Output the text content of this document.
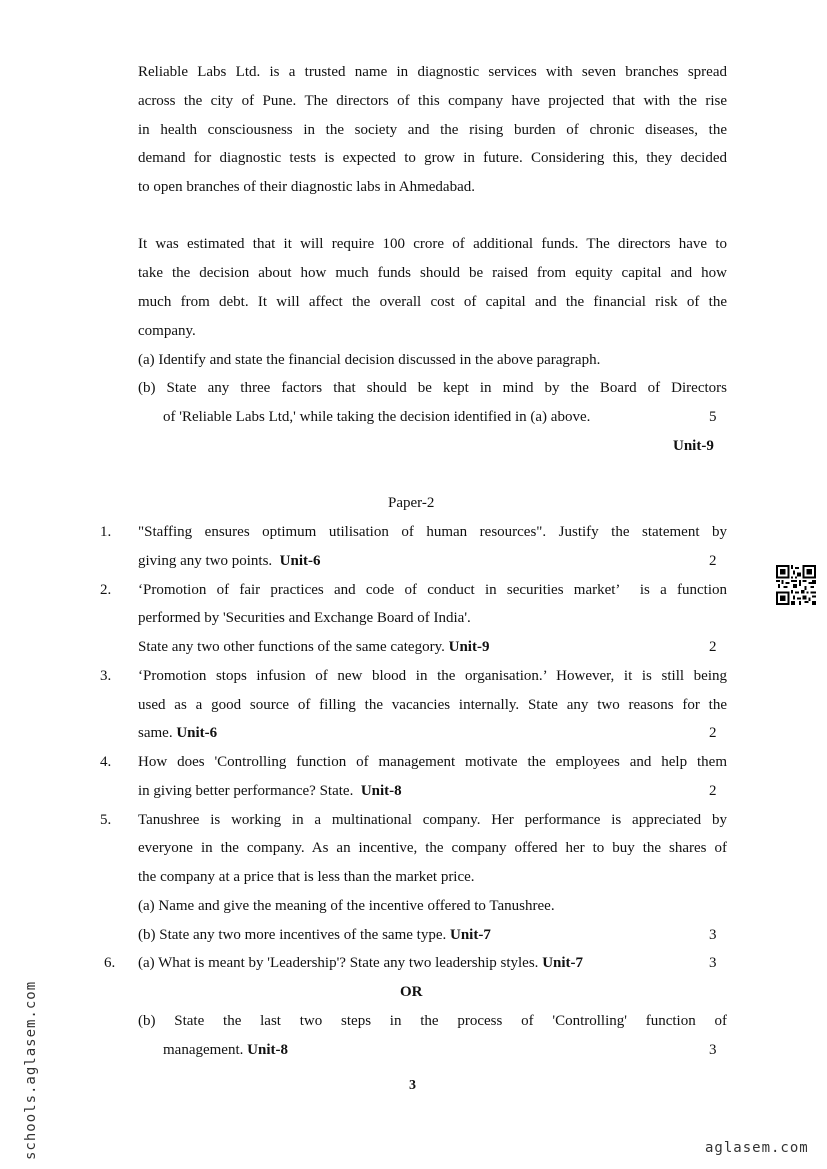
Reliable Labs Ltd. is a trusted name in diagnostic services with seven branches spread
across the city of Pune. The directors of this company have projected that with the rise
in health consciousness in the society and the rising burden of chronic diseases, the
demand for diagnostic tests is expected to grow in future. Considering this, they decided
to open branches of their diagnostic labs in Ahmedabad.
It was estimated that it will require 100 crore of additional funds. The directors have to
take the decision about how much funds should be raised from equity capital and how
much from debt. It will affect the overall cost of capital and the financial risk of the
company.
(a) Identify and state the financial decision discussed in the above paragraph.
(b)  State  any  three  factors  that  should  be  kept  in  mind  by  the  Board  of  Directors
of 'Reliable Labs Ltd,' while taking the decision identified in (a) above.	5
Unit-9
Paper-2
1. "Staffing ensures optimum utilisation of human resources". Justify the statement by
giving any two points. Unit-6	2
2. ‘Promotion of fair practices and code of conduct in securities market’  is a function
performed by 'Securities and Exchange Board of India'.
State any two other functions of the same category. Unit-9	2
3. ‘Promotion stops infusion of new blood in the organisation.’ However, it is still being
used as a good source of filling the vacancies internally. State any two reasons for the
same. Unit-6	2
4. How does 'Controlling function of management motivate the employees and help them
in giving better performance? State. Unit-8	2
5. Tanushree is working in a multinational company. Her performance is appreciated by
everyone in the company. As an incentive, the company offered her to buy the shares of
the company at a price that is less than the market price.
(a) Name and give the meaning of the incentive offered to Tanushree.
(b) State any two more incentives of the same type. Unit-7	3
6. (a) What is meant by 'Leadership'? State any two leadership styles. Unit-7	3
OR
(b)  State  the  last  two  steps  in  the  process  of  'Controlling'  function  of
management. Unit-8	3
3
schools.aglasem.com	aglasem.com
